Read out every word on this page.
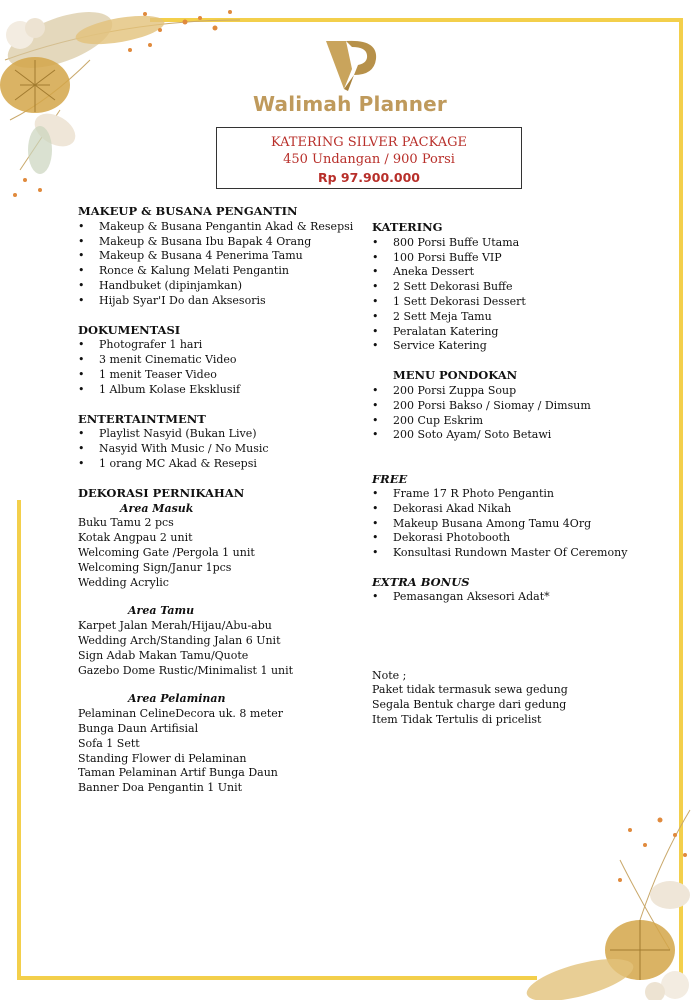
Walimah Planner
KATERING SILVER PACKAGE
450 Undangan / 900 Porsi
Rp 97.900.000
MAKEUP & BUSANA PENGANTIN
• Makeup & Busana Pengantin Akad & Resepsi
• Makeup & Busana Ibu Bapak 4 Orang
• Makeup & Busana 4 Penerima Tamu
• Ronce & Kalung Melati Pengantin
• Handbuket (dipinjamkan)
• Hijab Syar'I Do dan Aksesoris
DOKUMENTASI
• Photografer 1 hari
• 3 menit Cinematic Video
• 1 menit Teaser Video
• 1 Album Kolase Eksklusif
ENTERTAINTMENT
• Playlist Nasyid (Bukan Live)
• Nasyid With Music / No Music
• 1 orang MC Akad & Resepsi
DEKORASI PERNIKAHAN
Area Masuk
Buku Tamu 2 pcs
Kotak Angpau 2 unit
Welcoming Gate /Pergola 1 unit
Welcoming Sign/Janur 1pcs
Wedding Acrylic
Area Tamu
Karpet Jalan Merah/Hijau/Abu-abu
Wedding Arch/Standing Jalan 6 Unit
Sign Adab Makan Tamu/Quote
Gazebo Dome Rustic/Minimalist 1 unit
Area Pelaminan
Pelaminan CelineDecora uk. 8 meter
Bunga Daun Artifisial
Sofa 1 Sett
Standing Flower di Pelaminan
Taman Pelaminan Artif Bunga Daun
Banner Doa Pengantin 1 Unit
KATERING
• 800 Porsi Buffe Utama
• 100 Porsi Buffe VIP
• Aneka Dessert
• 2 Sett Dekorasi Buffe
• 1 Sett Dekorasi Dessert
• 2 Sett Meja Tamu
• Peralatan Katering
• Service Katering
MENU PONDOKAN
• 200 Porsi Zuppa Soup
• 200 Porsi Bakso / Siomay / Dimsum
• 200 Cup Eskrim
• 200 Soto Ayam/ Soto Betawi
FREE
• Frame 17 R Photo Pengantin
• Dekorasi Akad Nikah
• Makeup Busana Among Tamu 4Org
• Dekorasi Photobooth
• Konsultasi Rundown Master Of Ceremony
EXTRA BONUS
• Pemasangan Aksesori Adat*
Note ;
Paket tidak termasuk sewa gedung
Segala Bentuk charge dari gedung
Item Tidak Tertulis di pricelist
